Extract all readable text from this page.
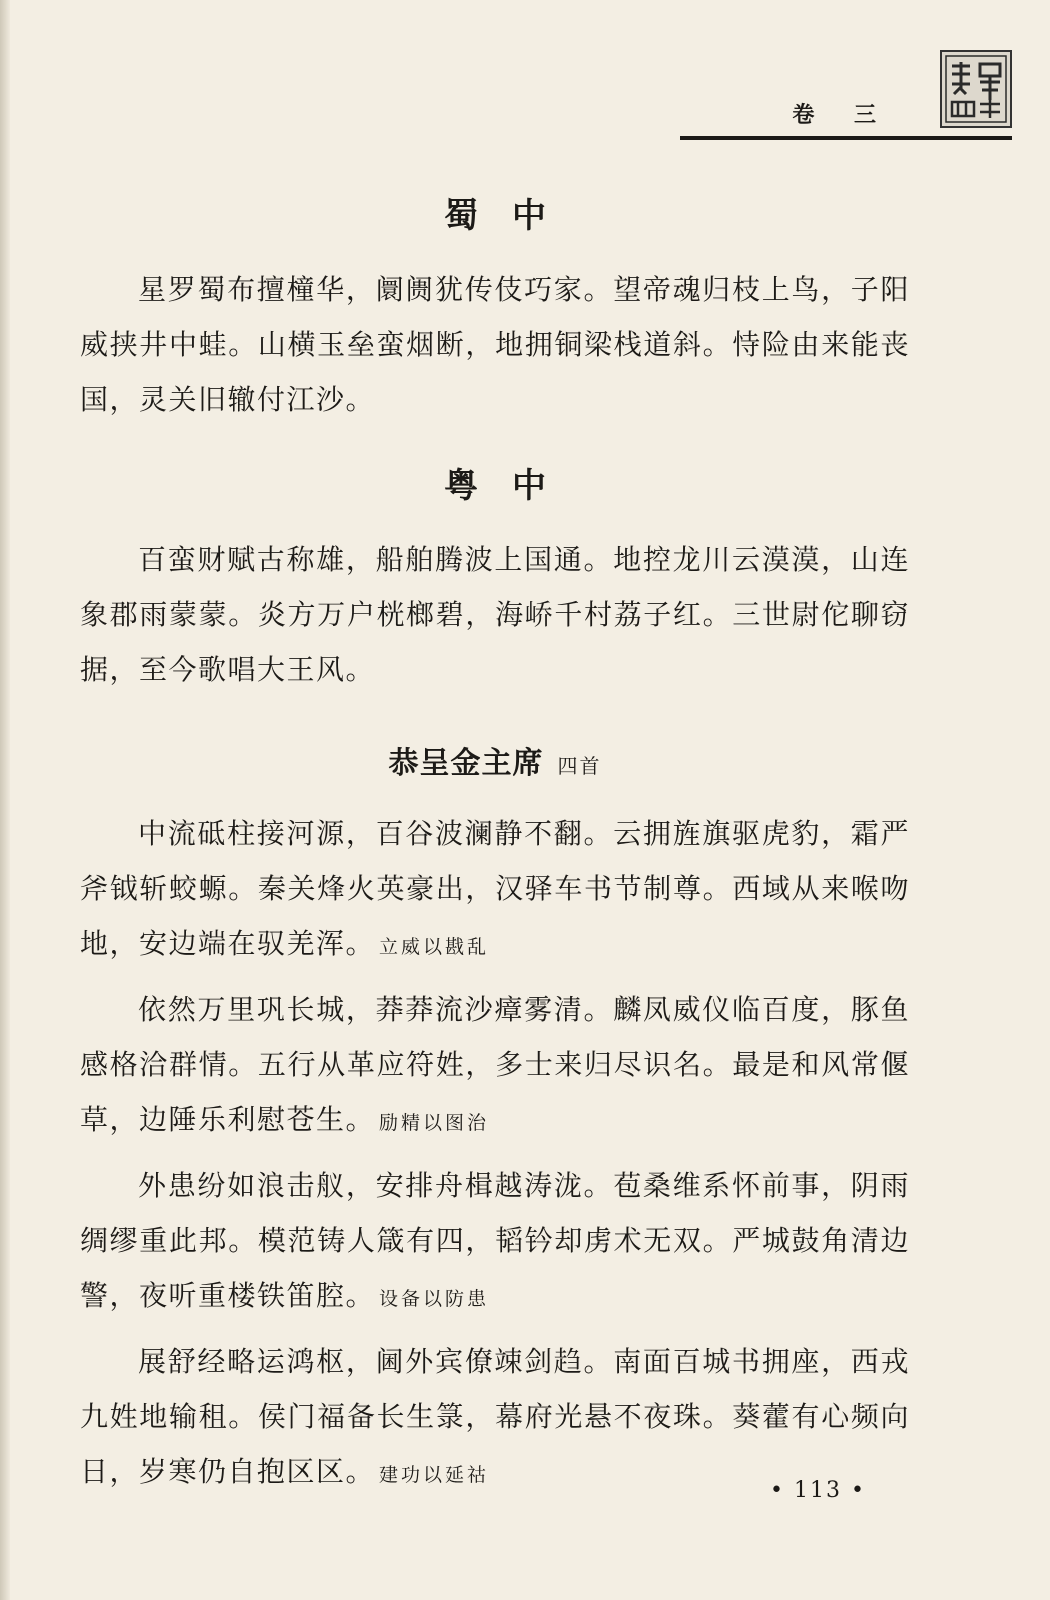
卷 三
蜀中

星罗蜀布擅橦华，阛阓犹传伎巧家。望帝魂归枝上鸟，子阳威挟井中蛙。山横玉垒蛮烟断，地拥铜梁栈道斜。恃险由来能丧国，灵关旧辙付江沙。

粤中

百蛮财赋古称雄，船舶腾波上国通。地控龙川云漠漠，山连象郡雨蒙蒙。炎方万户桄榔碧，海峤千村荔子红。三世尉佗聊窃据，至今歌唱大王风。

恭呈金主席 四首

中流砥柱接河源，百谷波澜静不翻。云拥旌旗驱虎豹，霜严斧钺斩蛟螈。秦关烽火英豪出，汉驿车书节制尊。西域从来喉吻地，安边端在驭羌浑。 立威以戡乱

依然万里巩长城，莽莽流沙瘴雾清。麟凤威仪临百度，豚鱼感格洽群情。五行从革应符姓，多士来归尽识名。最是和风常偃草，边陲乐利慰苍生。 励精以图治

外患纷如浪击舣，安排舟楫越涛泷。苞桑维系怀前事，阴雨绸缪重此邦。模范铸人箴有四，韬钤却虏术无双。严城鼓角清边警，夜听重楼铁笛腔。 设备以防患

展舒经略运鸿枢，阃外宾僚竦剑趋。南面百城书拥座，西戎九姓地输租。侯门福备长生箓，幕府光悬不夜珠。葵藿有心频向日，岁寒仍自抱区区。 建功以延祜

• 113 •
